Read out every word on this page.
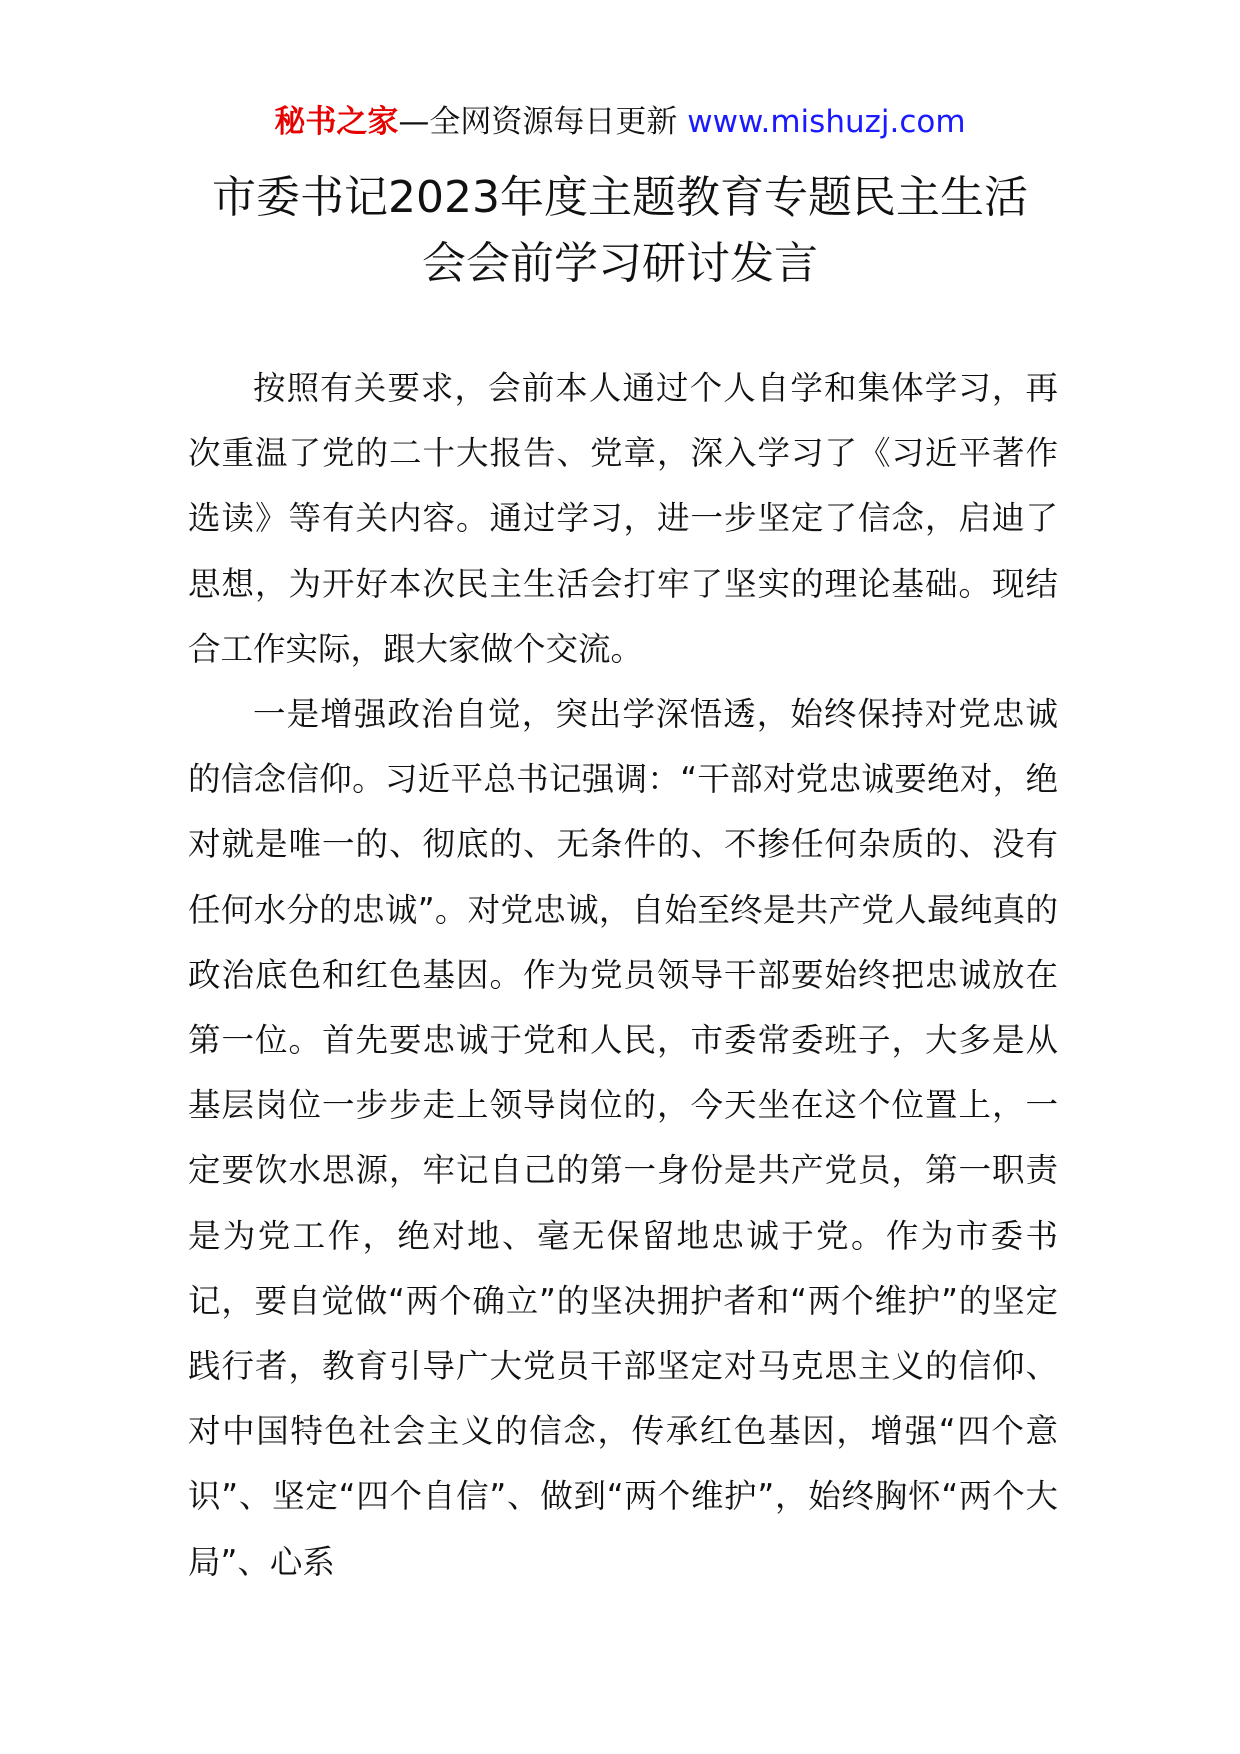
秘书之家—全网资源每日更新 www.mishuzj.com
市委书记2023年度主题教育专题民主生活
会会前学习研讨发言

按照有关要求，会前本人通过个人自学和集体学习，再次重温了党的二十大报告、党章，深入学习了《习近平著作选读》等有关内容。通过学习，进一步坚定了信念，启迪了思想，为开好本次民主生活会打牢了坚实的理论基础。现结合工作实际，跟大家做个交流。

一是增强政治自觉，突出学深悟透，始终保持对党忠诚的信念信仰。习近平总书记强调：“干部对党忠诚要绝对，绝对就是唯一的、彻底的、无条件的、不掺任何杂质的、没有任何水分的忠诚”。对党忠诚，自始至终是共产党人最纯真的政治底色和红色基因。作为党员领导干部要始终把忠诚放在第一位。首先要忠诚于党和人民，市委常委班子，大多是从基层岗位一步步走上领导岗位的，今天坐在这个位置上，一定要饮水思源，牢记自己的第一身份是共产党员，第一职责是为党工作，绝对地、毫无保留地忠诚于党。作为市委书记，要自觉做“两个确立”的坚决拥护者和“两个维护”的坚定践行者，教育引导广大党员干部坚定对马克思主义的信仰、对中国特色社会主义的信念，传承红色基因，增强“四个意识”、坚定“四个自信”、做到“两个维护”，始终胸怀“两个大局”、心系
